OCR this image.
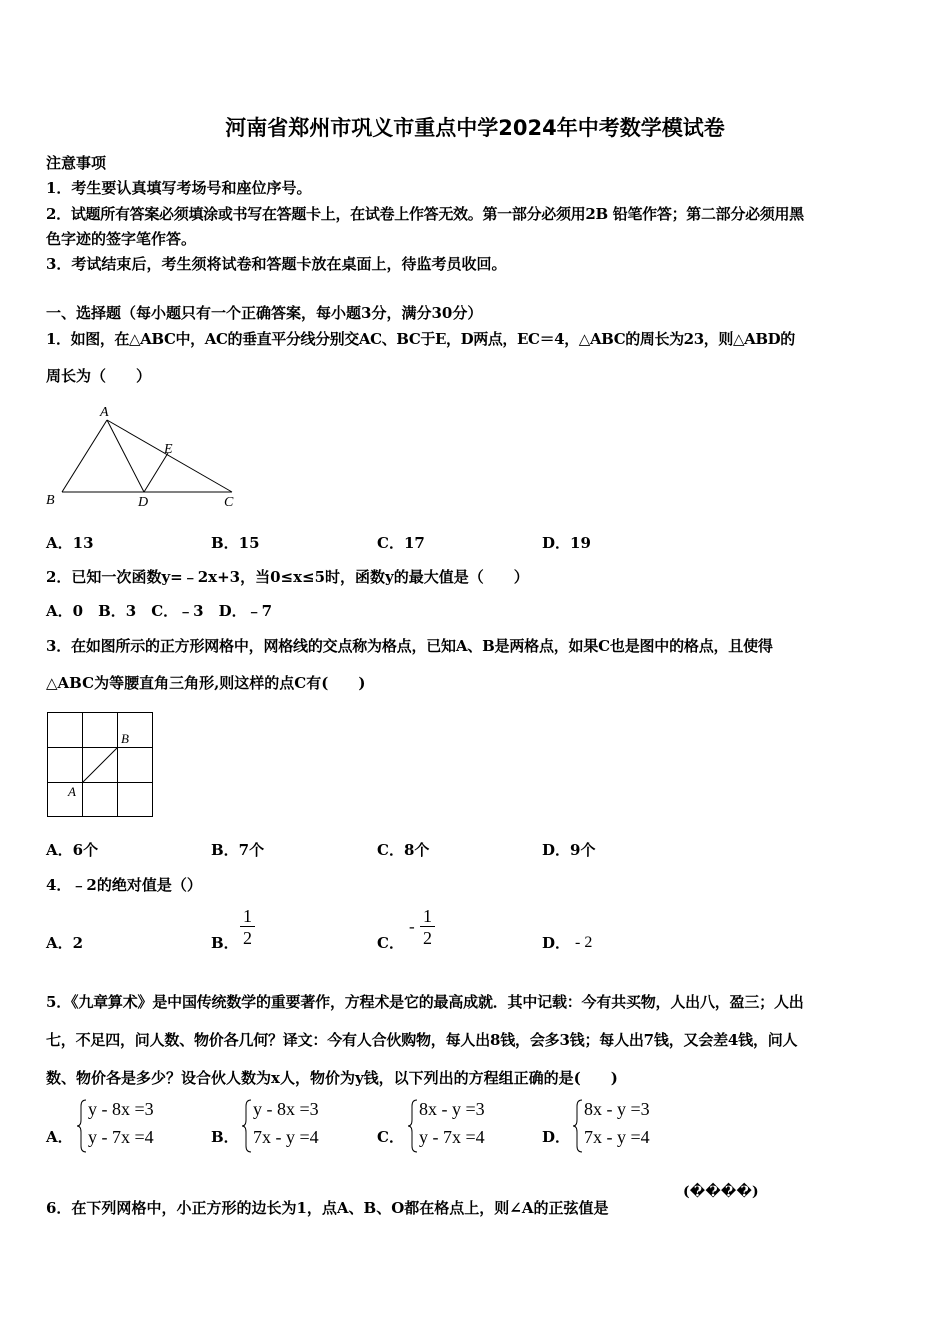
河南省郑州市巩义市重点中学2024年中考数学模试卷
注意事项
1．考生要认真填写考场号和座位序号。
2．试题所有答案必须填涂或书写在答题卡上，在试卷上作答无效。第一部分必须用2B 铅笔作答；第二部分必须用黑
色字迹的签字笔作答。
3．考试结束后，考生须将试卷和答题卡放在桌面上，待监考员收回。
一、选择题（每小题只有一个正确答案，每小题3分，满分30分）
1．如图，在△ABC中，AC的垂直平分线分别交AC、BC于E，D两点，EC＝4，△ABC的周长为23，则△ABD的
周长为（　　）
A
E
B	D	C
A．13	B．15	C．17	D．19
2．已知一次函数y=﹣2x+3，当0≤x≤5时，函数y的最大值是（　　）
A．0　B．3　C．﹣3　D．﹣7
3．在如图所示的正方形网格中，网格线的交点称为格点，已知A、B是两格点，如果C也是图中的格点，且使得
△ABC为等腰直角三角形,则这样的点C有(　　)
B
A
A．6个	B．7个	C．8个	D．9个
4．﹣2的绝对值是（）
A．2	B． $\frac{1}{2}$	C．
- $\frac{1}{2}$	D． - 2
5．《九章算术》是中国传统数学的重要著作，方程术是它的最高成就．其中记载：今有共买物，人出八，盈三；人出
七，不足四，问人数、物价各几何？译文：今有人合伙购物，每人出8钱，会多3钱；每人出7钱，又会差4钱，问人
数、物价各是多少？设合伙人数为x人，物价为y钱，以下列出的方程组正确的是(　　)
A．
y - 8x =3
y - 7x =4	B．
y - 8x =3
7x - y =4	C．
8x - y =3
y - 7x =4	D．
8x - y =3
7x - y =4
6．在下列网格中，小正方形的边长为1，点A、B、O都在格点上，则∠A的正弦值是
(����)
